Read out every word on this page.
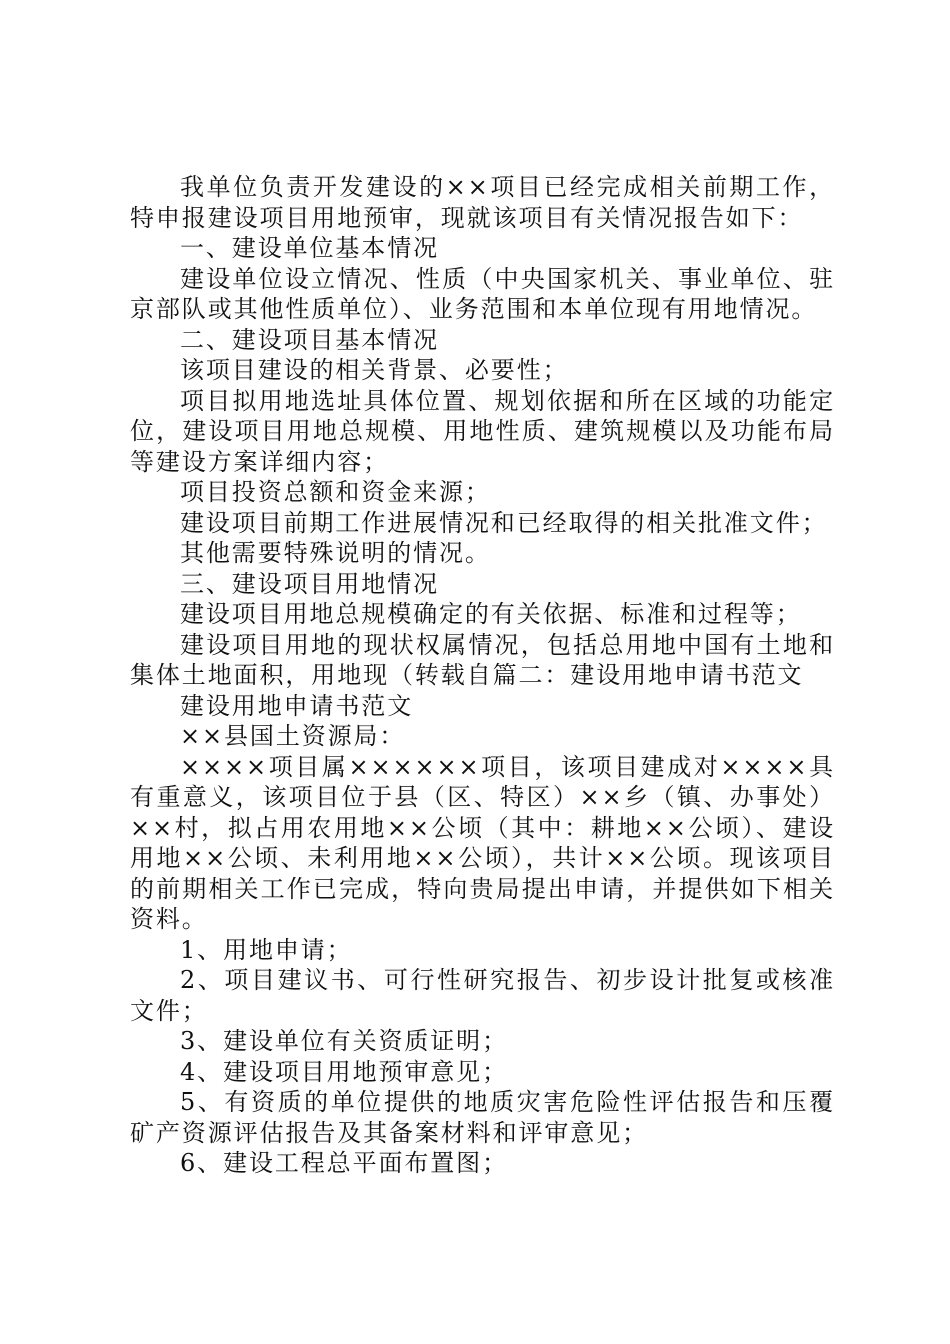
我单位负责开发建设的××项目已经完成相关前期工作，特申报建设项目用地预审，现就该项目有关情况报告如下：

一、建设单位基本情况

建设单位设立情况、性质（中央国家机关、事业单位、驻京部队或其他性质单位）、业务范围和本单位现有用地情况。

二、建设项目基本情况

该项目建设的相关背景、必要性；

项目拟用地选址具体位置、规划依据和所在区域的功能定位，建设项目用地总规模、用地性质、建筑规模以及功能布局等建设方案详细内容；

项目投资总额和资金来源；

建设项目前期工作进展情况和已经取得的相关批准文件；

其他需要特殊说明的情况。

三、建设项目用地情况

建设项目用地总规模确定的有关依据、标准和过程等；

建设项目用地的现状权属情况，包括总用地中国有土地和集体土地面积，用地现（转载自篇二：建设用地申请书范文

建设用地申请书范文

××县国土资源局：

××××项目属××××××项目，该项目建成对××××具有重意义，该项目位于县（区、特区）××乡（镇、办事处）××村，拟占用农用地××公顷（其中：耕地××公顷）、建设用地××公顷、未利用地××公顷），共计××公顷。现该项目的前期相关工作已完成，特向贵局提出申请，并提供如下相关资料。

1、用地申请；

2、项目建议书、可行性研究报告、初步设计批复或核准文件；

3、建设单位有关资质证明；

4、建设项目用地预审意见；

5、有资质的单位提供的地质灾害危险性评估报告和压覆矿产资源评估报告及其备案材料和评审意见；

6、建设工程总平面布置图；
